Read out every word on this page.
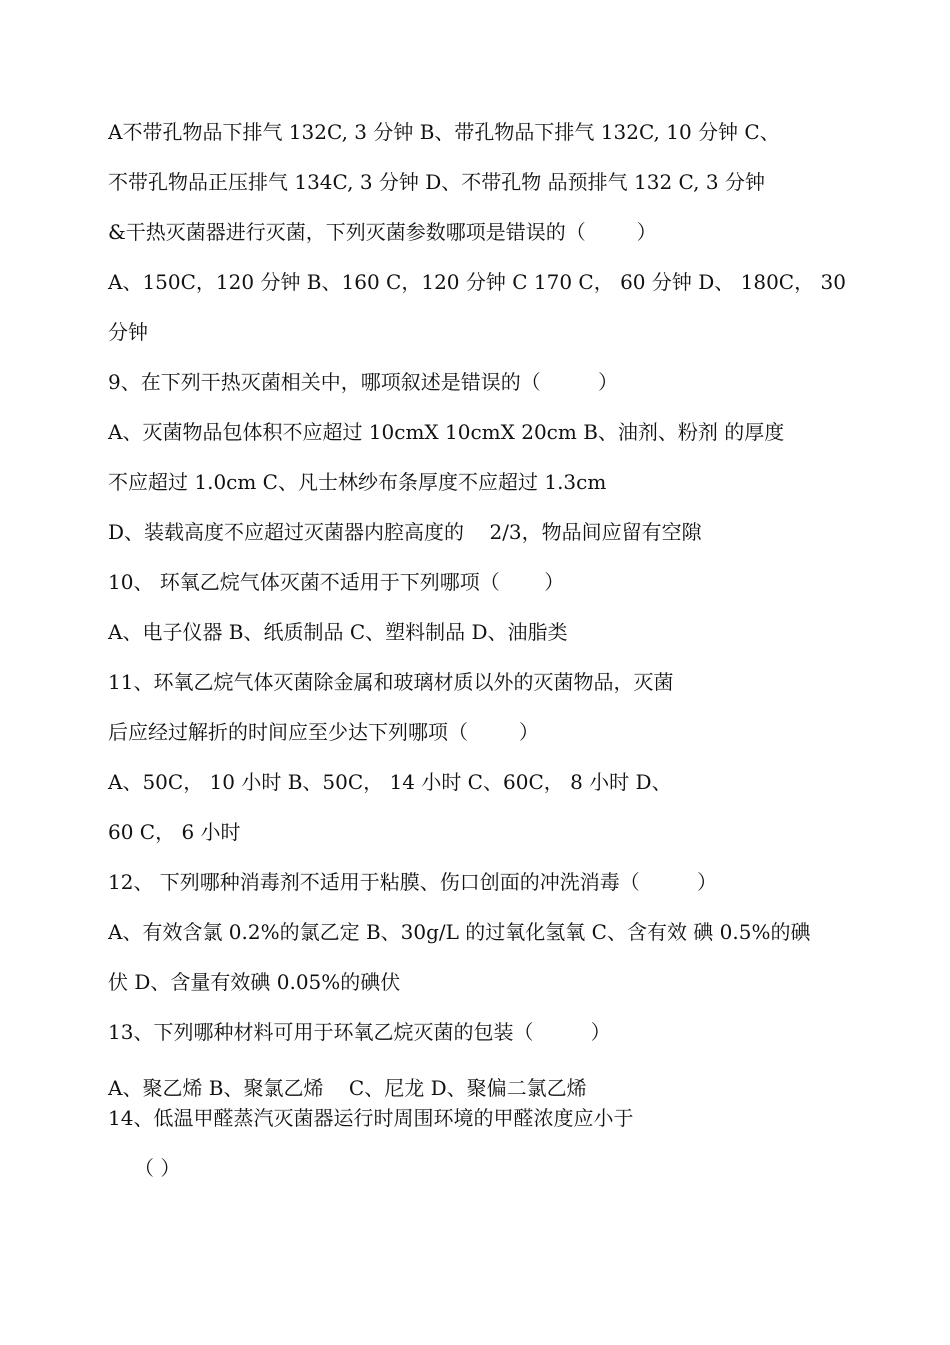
A不带孔物品下排气 132C, 3 分钟 B、带孔物品下排气 132C, 10 分钟 C、
不带孔物品正压排气 134C, 3 分钟 D、不带孔物 品预排气 132 C, 3 分钟
&干热灭菌器进行灭菌，下列灭菌参数哪项是错误的（        ）
A、150C，120 分钟 B、160 C，120 分钟 C 170 C， 60 分钟 D、 180C， 30
分钟
9、在下列干热灭菌相关中，哪项叙述是错误的（         ）
A、灭菌物品包体积不应超过 10cmX 10cmX 20cm B、油剂、粉剂 的厚度
不应超过 1.0cm C、凡士林纱布条厚度不应超过 1.3cm
D、装载高度不应超过灭菌器内腔高度的    2/3，物品间应留有空隙
10、 环氧乙烷气体灭菌不适用于下列哪项（       ）
A、电子仪器 B、纸质制品 C、塑料制品 D、油脂类
11、环氧乙烷气体灭菌除金属和玻璃材质以外的灭菌物品，灭菌
后应经过解折的时间应至少达下列哪项（        ）
A、50C， 10 小时 B、50C， 14 小时 C、60C， 8 小时 D、
60 C， 6 小时
12、 下列哪种消毒剂不适用于粘膜、伤口创面的冲洗消毒（         ）
A、有效含氯 0.2%的氯乙定 B、30g/L 的过氧化氢氧 C、含有效 碘 0.5%的碘
伏 D、含量有效碘 0.05%的碘伏
13、下列哪种材料可用于环氧乙烷灭菌的包装（         ）
A、聚乙烯 B、聚氯乙烯    C、尼龙 D、聚偏二氯乙烯
14、低温甲醛蒸汽灭菌器运行时周围环境的甲醛浓度应小于
（ ）
